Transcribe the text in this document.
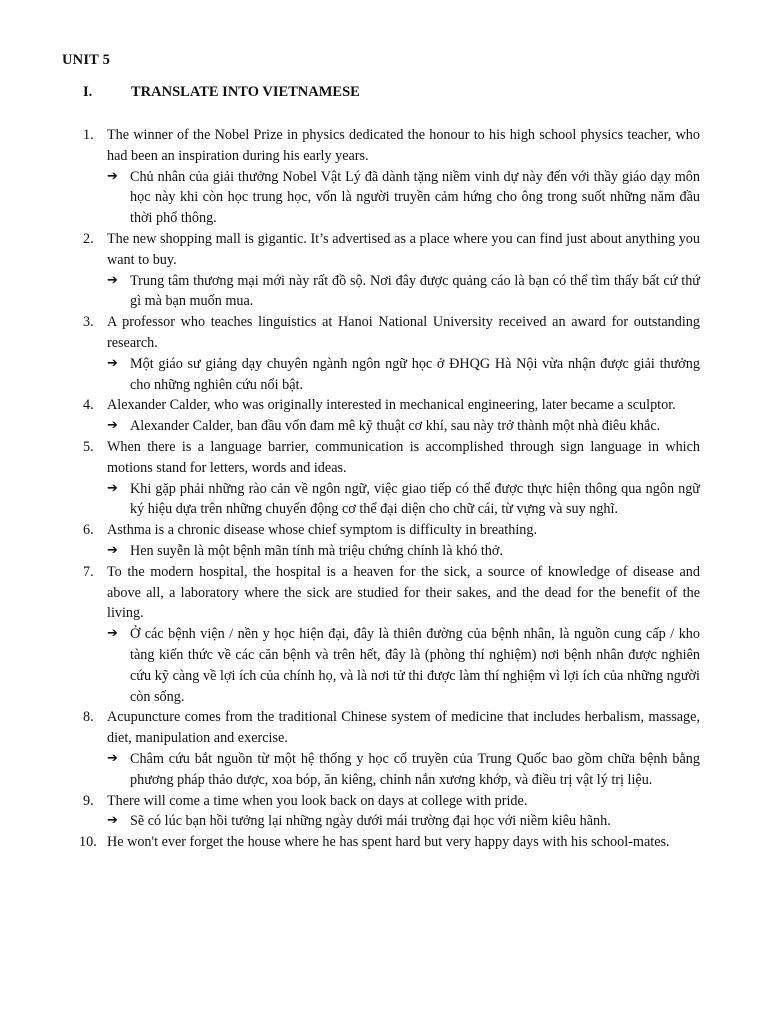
UNIT 5
I.	TRANSLATE INTO VIETNAMESE
1. The winner of the Nobel Prize in physics dedicated the honour to his high school physics teacher, who had been an inspiration during his early years.

➔ Chủ nhân của giải thưởng Nobel Vật Lý đã dành tặng niềm vinh dự này đến với thầy giáo dạy môn học này khi còn học trung học, vốn là người truyền cảm hứng cho ông trong suốt những năm đầu thời phổ thông.
2. The new shopping mall is gigantic. It’s advertised as a place where you can find just about anything you want to buy.

➔ Trung tâm thương mại mới này rất đồ sộ. Nơi đây được quảng cáo là bạn có thể tìm thấy bất cứ thứ gì mà bạn muốn mua.
3. A professor who teaches linguistics at Hanoi National University received an award for outstanding research.

➔ Một giáo sư giảng dạy chuyên ngành ngôn ngữ học ở ĐHQG Hà Nội vừa nhận được giải thưởng cho những nghiên cứu nổi bật.
4. Alexander Calder, who was originally interested in mechanical engineering, later became a sculptor.

➔ Alexander Calder, ban đầu vốn đam mê kỹ thuật cơ khí, sau này trở thành một nhà điêu khắc.
5. When there is a language barrier, communication is accomplished through sign language in which motions stand for letters, words and ideas.

➔ Khi gặp phải những rào cản về ngôn ngữ, việc giao tiếp có thể được thực hiện thông qua ngôn ngữ ký hiệu dựa trên những chuyển động cơ thể đại diện cho chữ cái, từ vựng và suy nghĩ.
6. Asthma is a chronic disease whose chief symptom is difficulty in breathing.

➔ Hen suyễn là một bệnh mãn tính mà triệu chứng chính là khó thở.
7. To the modern hospital, the hospital is a heaven for the sick, a source of knowledge of disease and above all, a laboratory where the sick are studied for their sakes, and the dead for the benefit of the living.

➔ Ở các bệnh viện / nền y học hiện đại, đây là thiên đường của bệnh nhân, là nguồn cung cấp / kho tàng kiến thức về các căn bệnh và trên hết, đây là (phòng thí nghiệm) nơi bệnh nhân được nghiên cứu kỹ càng về lợi ích của chính họ, và là nơi tử thi được làm thí nghiệm vì lợi ích của những người còn sống.
8. Acupuncture comes from the traditional Chinese system of medicine that includes herbalism, massage, diet, manipulation and exercise.

➔ Châm cứu bắt nguồn từ một hệ thống y học cổ truyền của Trung Quốc bao gồm chữa bệnh bằng phương pháp thảo dược, xoa bóp, ăn kiêng, chỉnh nắn xương khớp, và điều trị vật lý trị liệu.
9. There will come a time when you look back on days at college with pride.

➔ Sẽ có lúc bạn hồi tưởng lại những ngày dưới mái trường đại học với niềm kiêu hãnh.
10. He won't ever forget the house where he has spent hard but very happy days with his school-mates.
